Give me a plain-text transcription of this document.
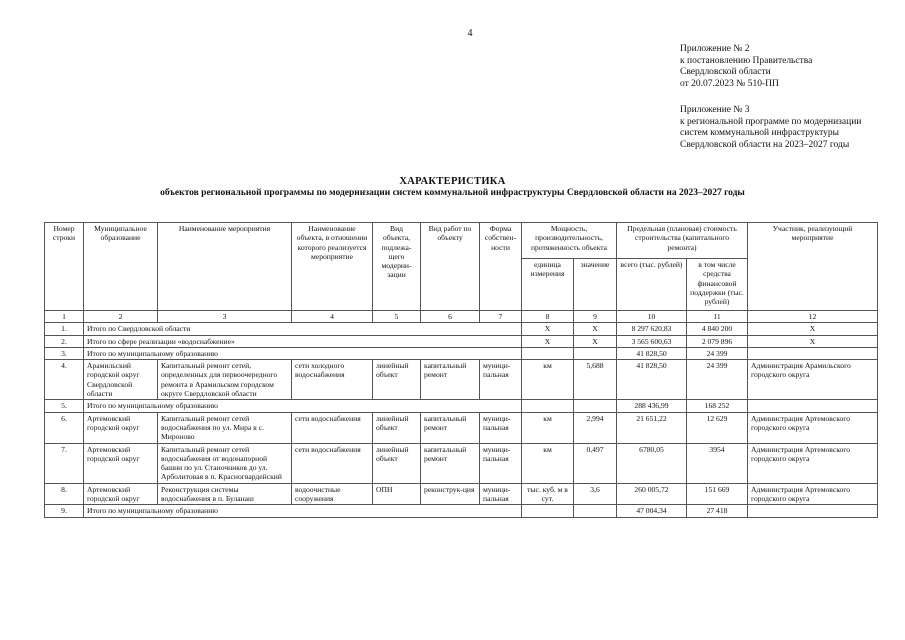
4
Приложение № 2
к постановлению Правительства
Свердловской области
от 20.07.2023 № 510-ПП
Приложение № 3
к региональной программе по модернизации
систем коммунальной инфраструктуры
Свердловской области на 2023–2027 годы
ХАРАКТЕРИСТИКА
объектов региональной программы по модернизации систем коммунальной инфраструктуры Свердловской области на 2023–2027 годы
Номер строки	Муниципальное образование	Наименование мероприятия	Наименование объекта, в отношении которого реализуется мероприятие	Вид объекта, подлежа-щего модерни-зации	Вид работ по объекту	Форма собствен-ности	Мощность, производительность, протяженность объекта		Предельная (плановая) стоимость строительства (капитального ремонта)		Участник, реализующий мероприятие
							единица измерения	значение	всего (тыс. рублей)	в том числе средства финансовой поддержки (тыс. рублей)	
1	2	3	4	5	6	7	8	9	10	11	12
1.	Итого по Свердловской области						Х	Х	8 297 620,83	4 840 200	Х
2.	Итого по сфере реализации «водоснабжение»						Х	Х	3 565 600,63	2 079 896	Х
3.	Итого по муниципальному образованию								41 828,50	24 399	
4.	Арамильский городской округ Свердловской области	Капитальный ремонт сетей, определенных для первоочередного ремонта в Арамильском городском округе Свердловской области	сети холодного водоснабжения	линейный объект	капитальный ремонт	муници-пальная	км	5,688	41 828,50	24 399	Администрация Арамильского городского округа
5.	Итого по муниципальному образованию								288 436,99	168 252	
6.	Артемовский городской округ	Капитальный ремонт сетей водоснабжения по ул. Мира в с. Мироново	сети водоснабжения	линейный объект	капитальный ремонт	муници-пальная	км	2,994	21 651,22	12 629	Администрация Артемовского городского округа
7.	Артемовский городской округ	Капитальный ремонт сетей водоснабжения от водонапорной башни по ул. Станочников до ул. Арболитовая в п. Красногвардейский	сети водоснабжения	линейный объект	капитальный ремонт	муници-пальная	км	0,497	6780,05	3954	Администрация Артемовского городского округа
8.	Артемовский городской округ	Реконструкция системы водоснабжения в п. Буланаш	водоочистные сооружения	ОПН	реконструк-ция	муници-пальная	тыс. куб. м в сут.	3,6	260 005,72	151 669	Администрация Артемовского городского округа
9.	Итого по муниципальному образованию								47 004,34	27 418	
